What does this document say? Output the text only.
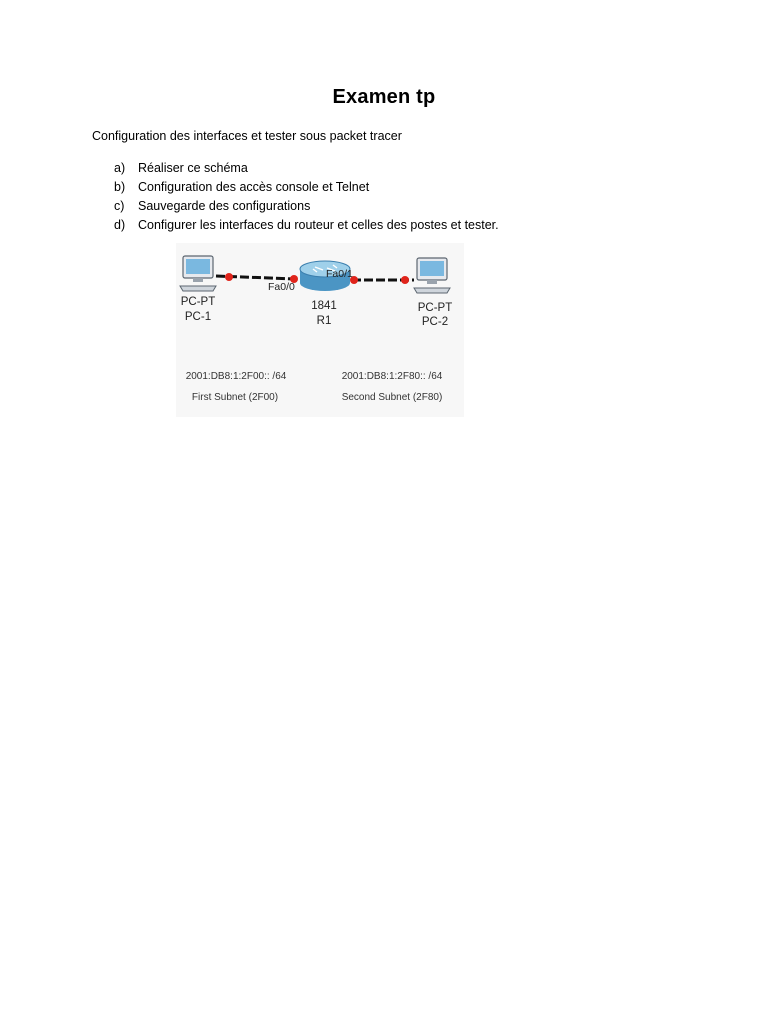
Examen tp
Configuration des interfaces et tester sous packet tracer
a) Réaliser ce schéma
b) Configuration des accès console et Telnet
c) Sauvegarde des configurations
d) Configurer les interfaces du routeur et celles des postes et tester.
PC-PT
PC-1
Fa0/0
Fa0/1
1841
R1
PC-PT
PC-2
2001:DB8:1:2F00:: /64
First Subnet (2F00)
2001:DB8:1:2F80:: /64
Second Subnet (2F80)
